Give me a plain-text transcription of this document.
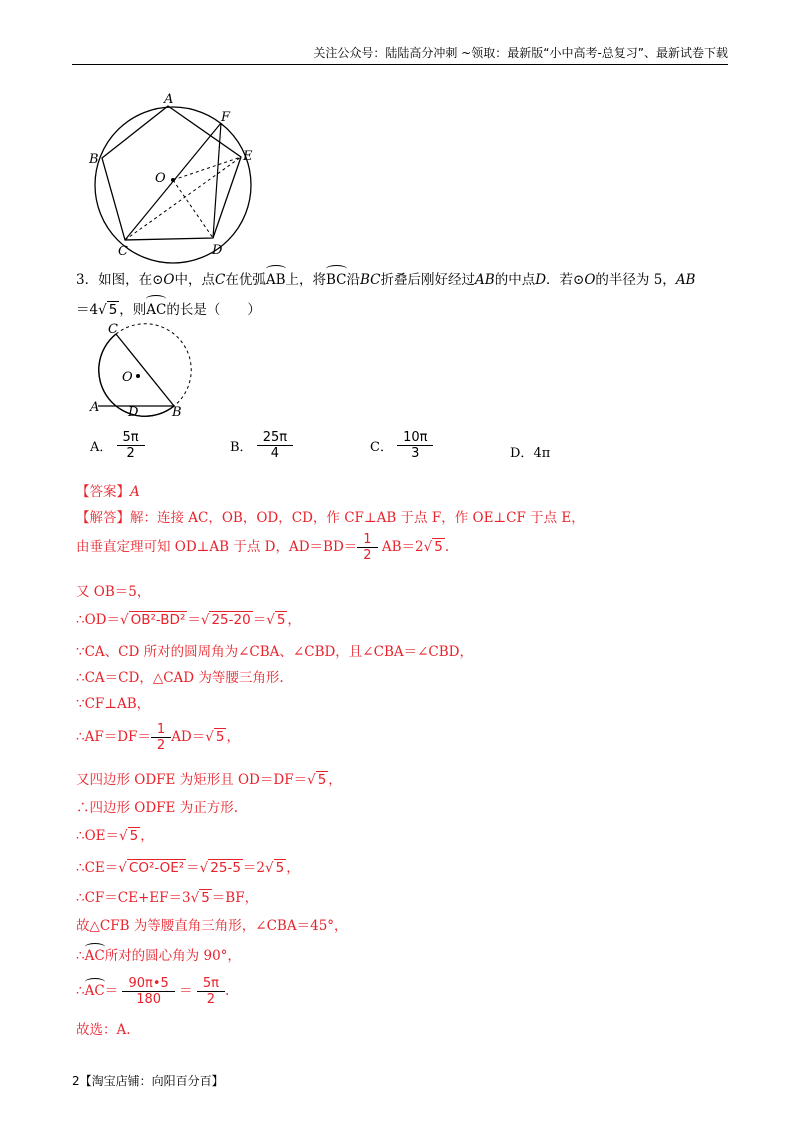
关注公众号：陆陆高分冲刺 ~领取：最新版“小中高考-总复习”、最新试卷下载
A
B
C	D
E
F
O
3．如图，在⊙O中，点C在优弧AB上，将BC沿BC折叠后刚好经过AB的中点D．若⊙O的半径为 5，AB
＝4√ 5 ，则AC的长是（　　）
C
O
A D	B
A． $\frac{5\pi}{2}$	B． $\frac{25\pi}{4}$	C． $\frac{10\pi}{3}$	D．4π
【答案】A
【解答】解：连接 AC，OB，OD，CD，作 CF⊥AB 于点 F，作 OE⊥CF 于点 E，
由垂直定理可知 OD⊥AB 于点 D，$AD=BD= \frac{1}{2} AB=2√$ 5 .
又 OB＝5，
∴OD＝√ OB²-BD² ＝√ 25-20 ＝√ 5 ，
∵CA、CD 所对的圆周角为∠CBA、∠CBD，且∠CBA＝∠CBD，
∴CA＝CD，△CAD 为等腰三角形.
∵CF⊥AB，
∴AF＝DF＝ $\frac{1}{2} AD=√$ 5 ，
又四边形 ODFE 为矩形且 OD＝DF＝√ 5 ，
∴四边形 ODFE 为正方形.
∴OE＝√ 5 ，
∴CE＝√ CO²-OE² ＝√ 25-5 ＝2√ 5 ，
∴CF＝CE+EF＝3√ 5 ＝BF，
故△CFB 为等腰直角三角形，∠CBA＝45°，
∴AC所对的圆心角为 90°，
∴AC＝ $\frac{90\pi•5}{180} = \frac{5\pi}{2}$ .
故选：A.
2【淘宝店铺：向阳百分百】
